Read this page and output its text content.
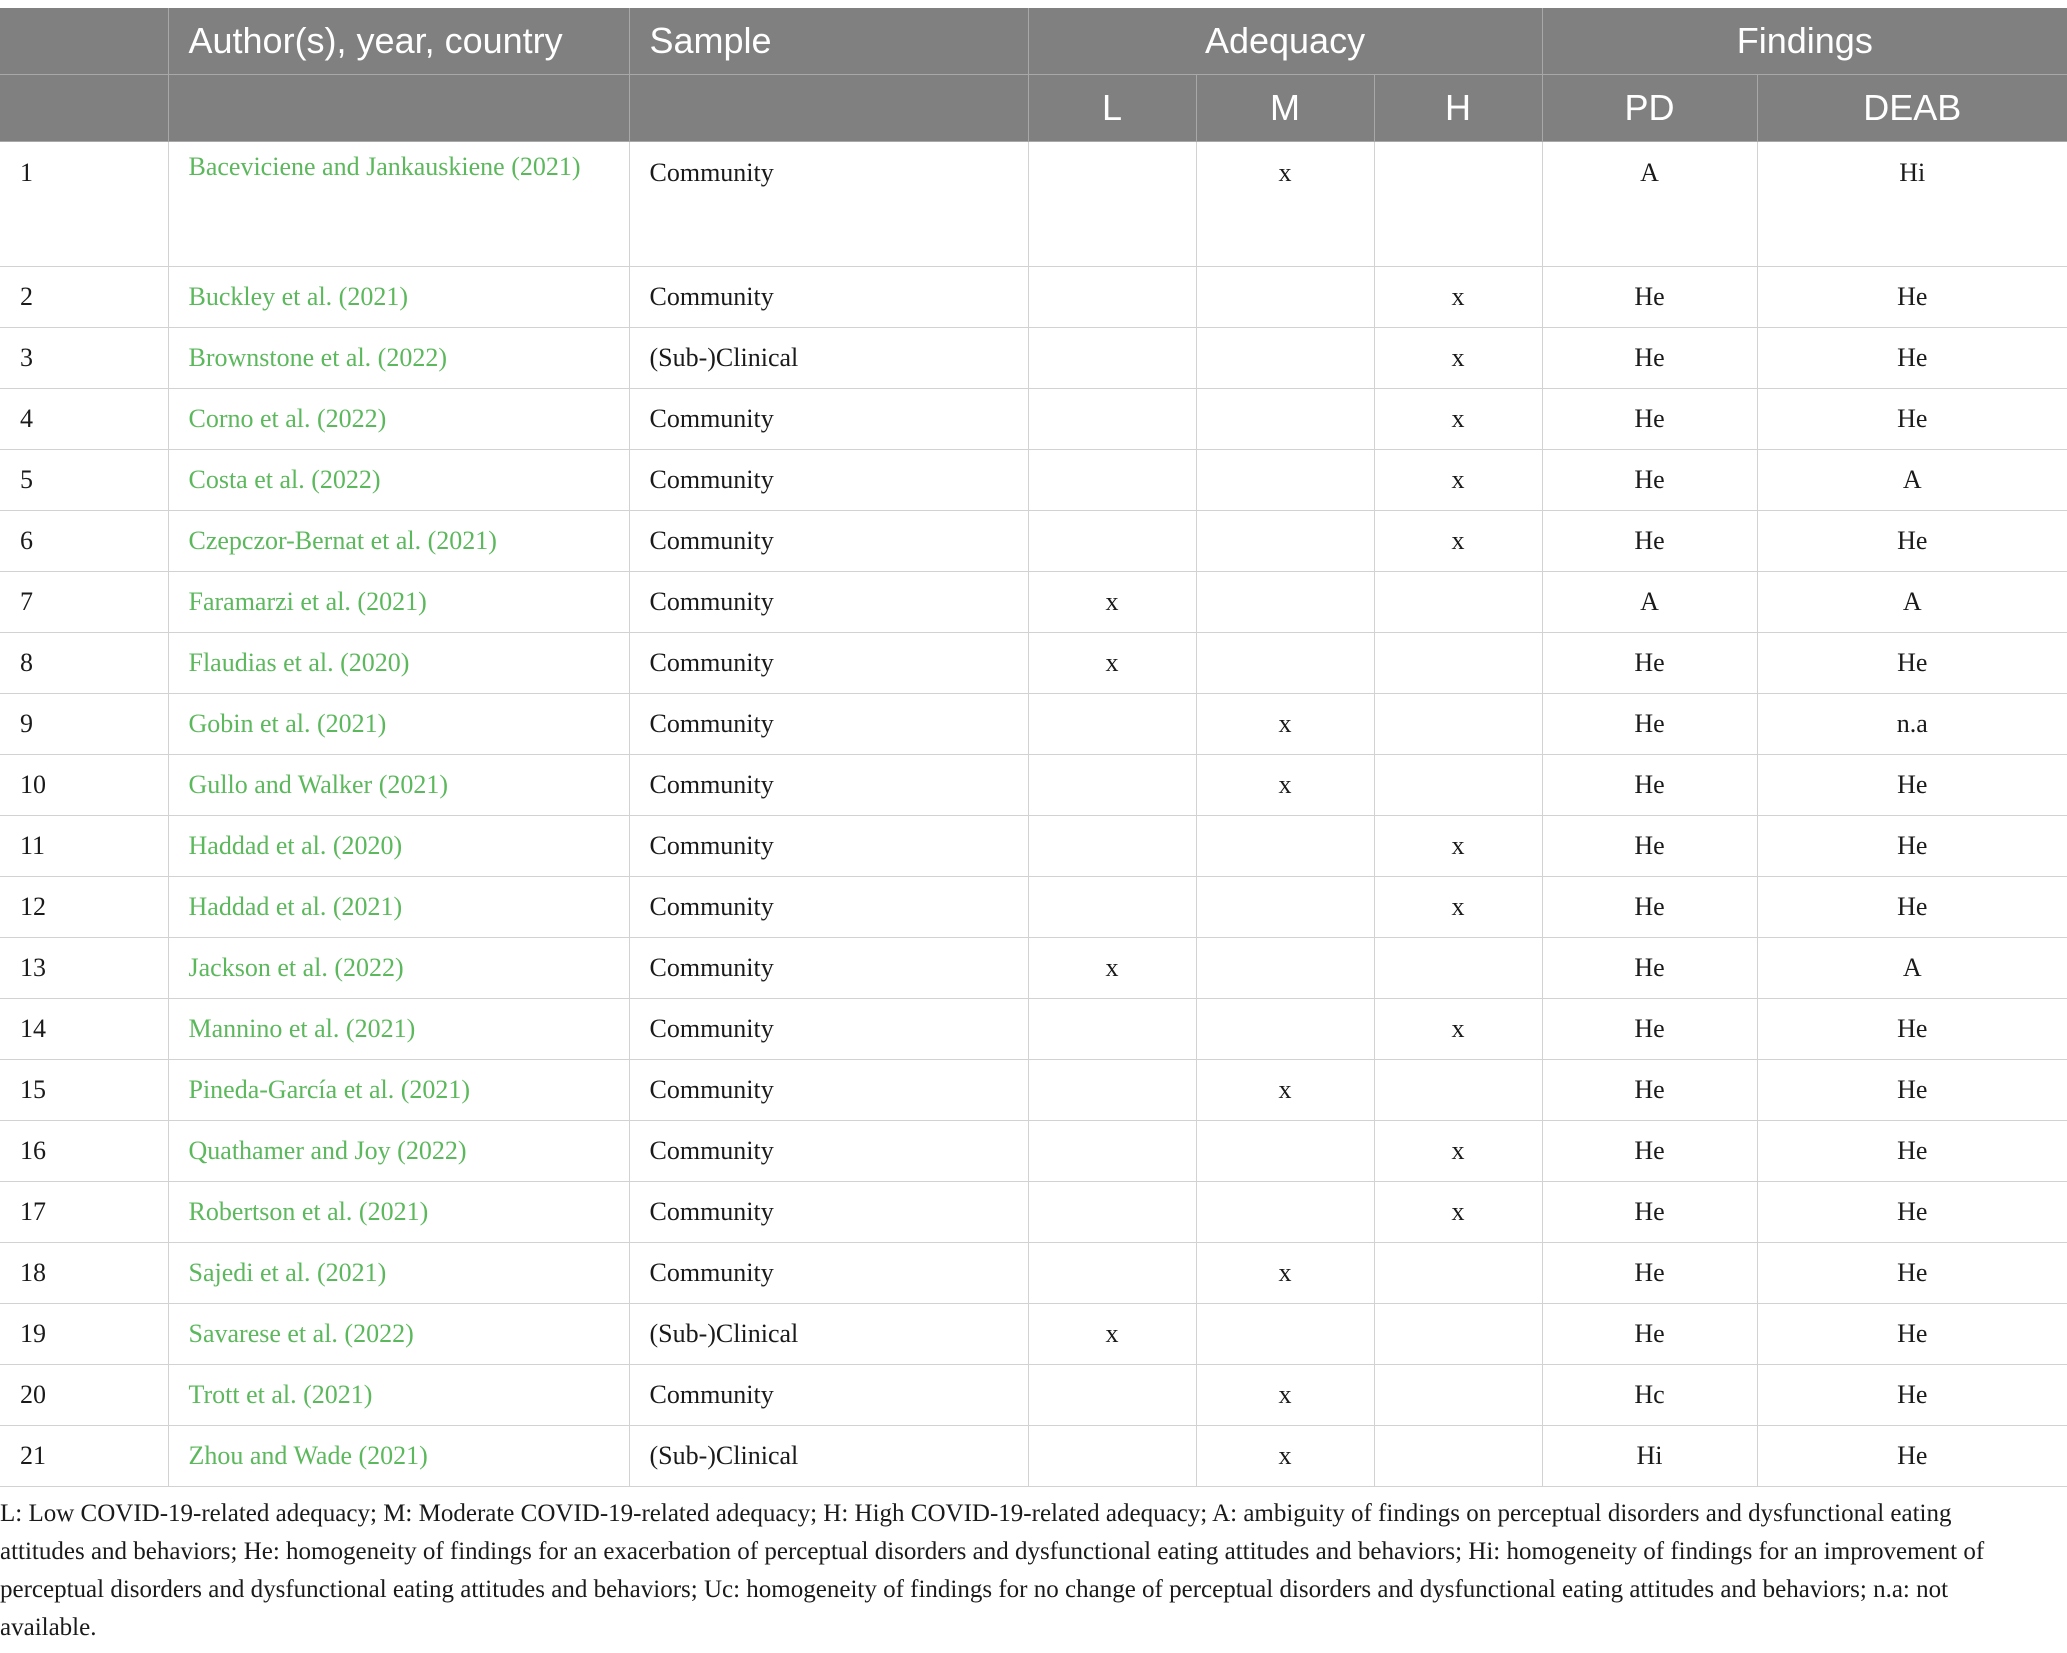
	Author(s), year, country	Sample	Adequacy			Findings	
			L	M	H	PD	DEAB
1	Baceviciene and Jankauskiene (2021)	Community		x		A	Hi
2	Buckley et al. (2021)	Community			x	He	He
3	Brownstone et al. (2022)	(Sub-)Clinical			x	He	He
4	Corno et al. (2022)	Community			x	He	He
5	Costa et al. (2022)	Community			x	He	A
6	Czepczor-Bernat et al. (2021)	Community			x	He	He
7	Faramarzi et al. (2021)	Community	x			A	A
8	Flaudias et al. (2020)	Community	x			He	He
9	Gobin et al. (2021)	Community		x		He	n.a
10	Gullo and Walker (2021)	Community		x		He	He
11	Haddad et al. (2020)	Community			x	He	He
12	Haddad et al. (2021)	Community			x	He	He
13	Jackson et al. (2022)	Community	x			He	A
14	Mannino et al. (2021)	Community			x	He	He
15	Pineda-García et al. (2021)	Community		x		He	He
16	Quathamer and Joy (2022)	Community			x	He	He
17	Robertson et al. (2021)	Community			x	He	He
18	Sajedi et al. (2021)	Community		x		He	He
19	Savarese et al. (2022)	(Sub-)Clinical	x			He	He
20	Trott et al. (2021)	Community		x		Hc	He
21	Zhou and Wade (2021)	(Sub-)Clinical		x		Hi	He
L: Low COVID-19-related adequacy; M: Moderate COVID-19-related adequacy; H: High COVID-19-related adequacy; A: ambiguity of findings on perceptual disorders and dysfunctional eating attitudes and behaviors; He: homogeneity of findings for an exacerbation of perceptual disorders and dysfunctional eating attitudes and behaviors; Hi: homogeneity of findings for an improvement of perceptual disorders and dysfunctional eating attitudes and behaviors; Uc: homogeneity of findings for no change of perceptual disorders and dysfunctional eating attitudes and behaviors; n.a: not available.
